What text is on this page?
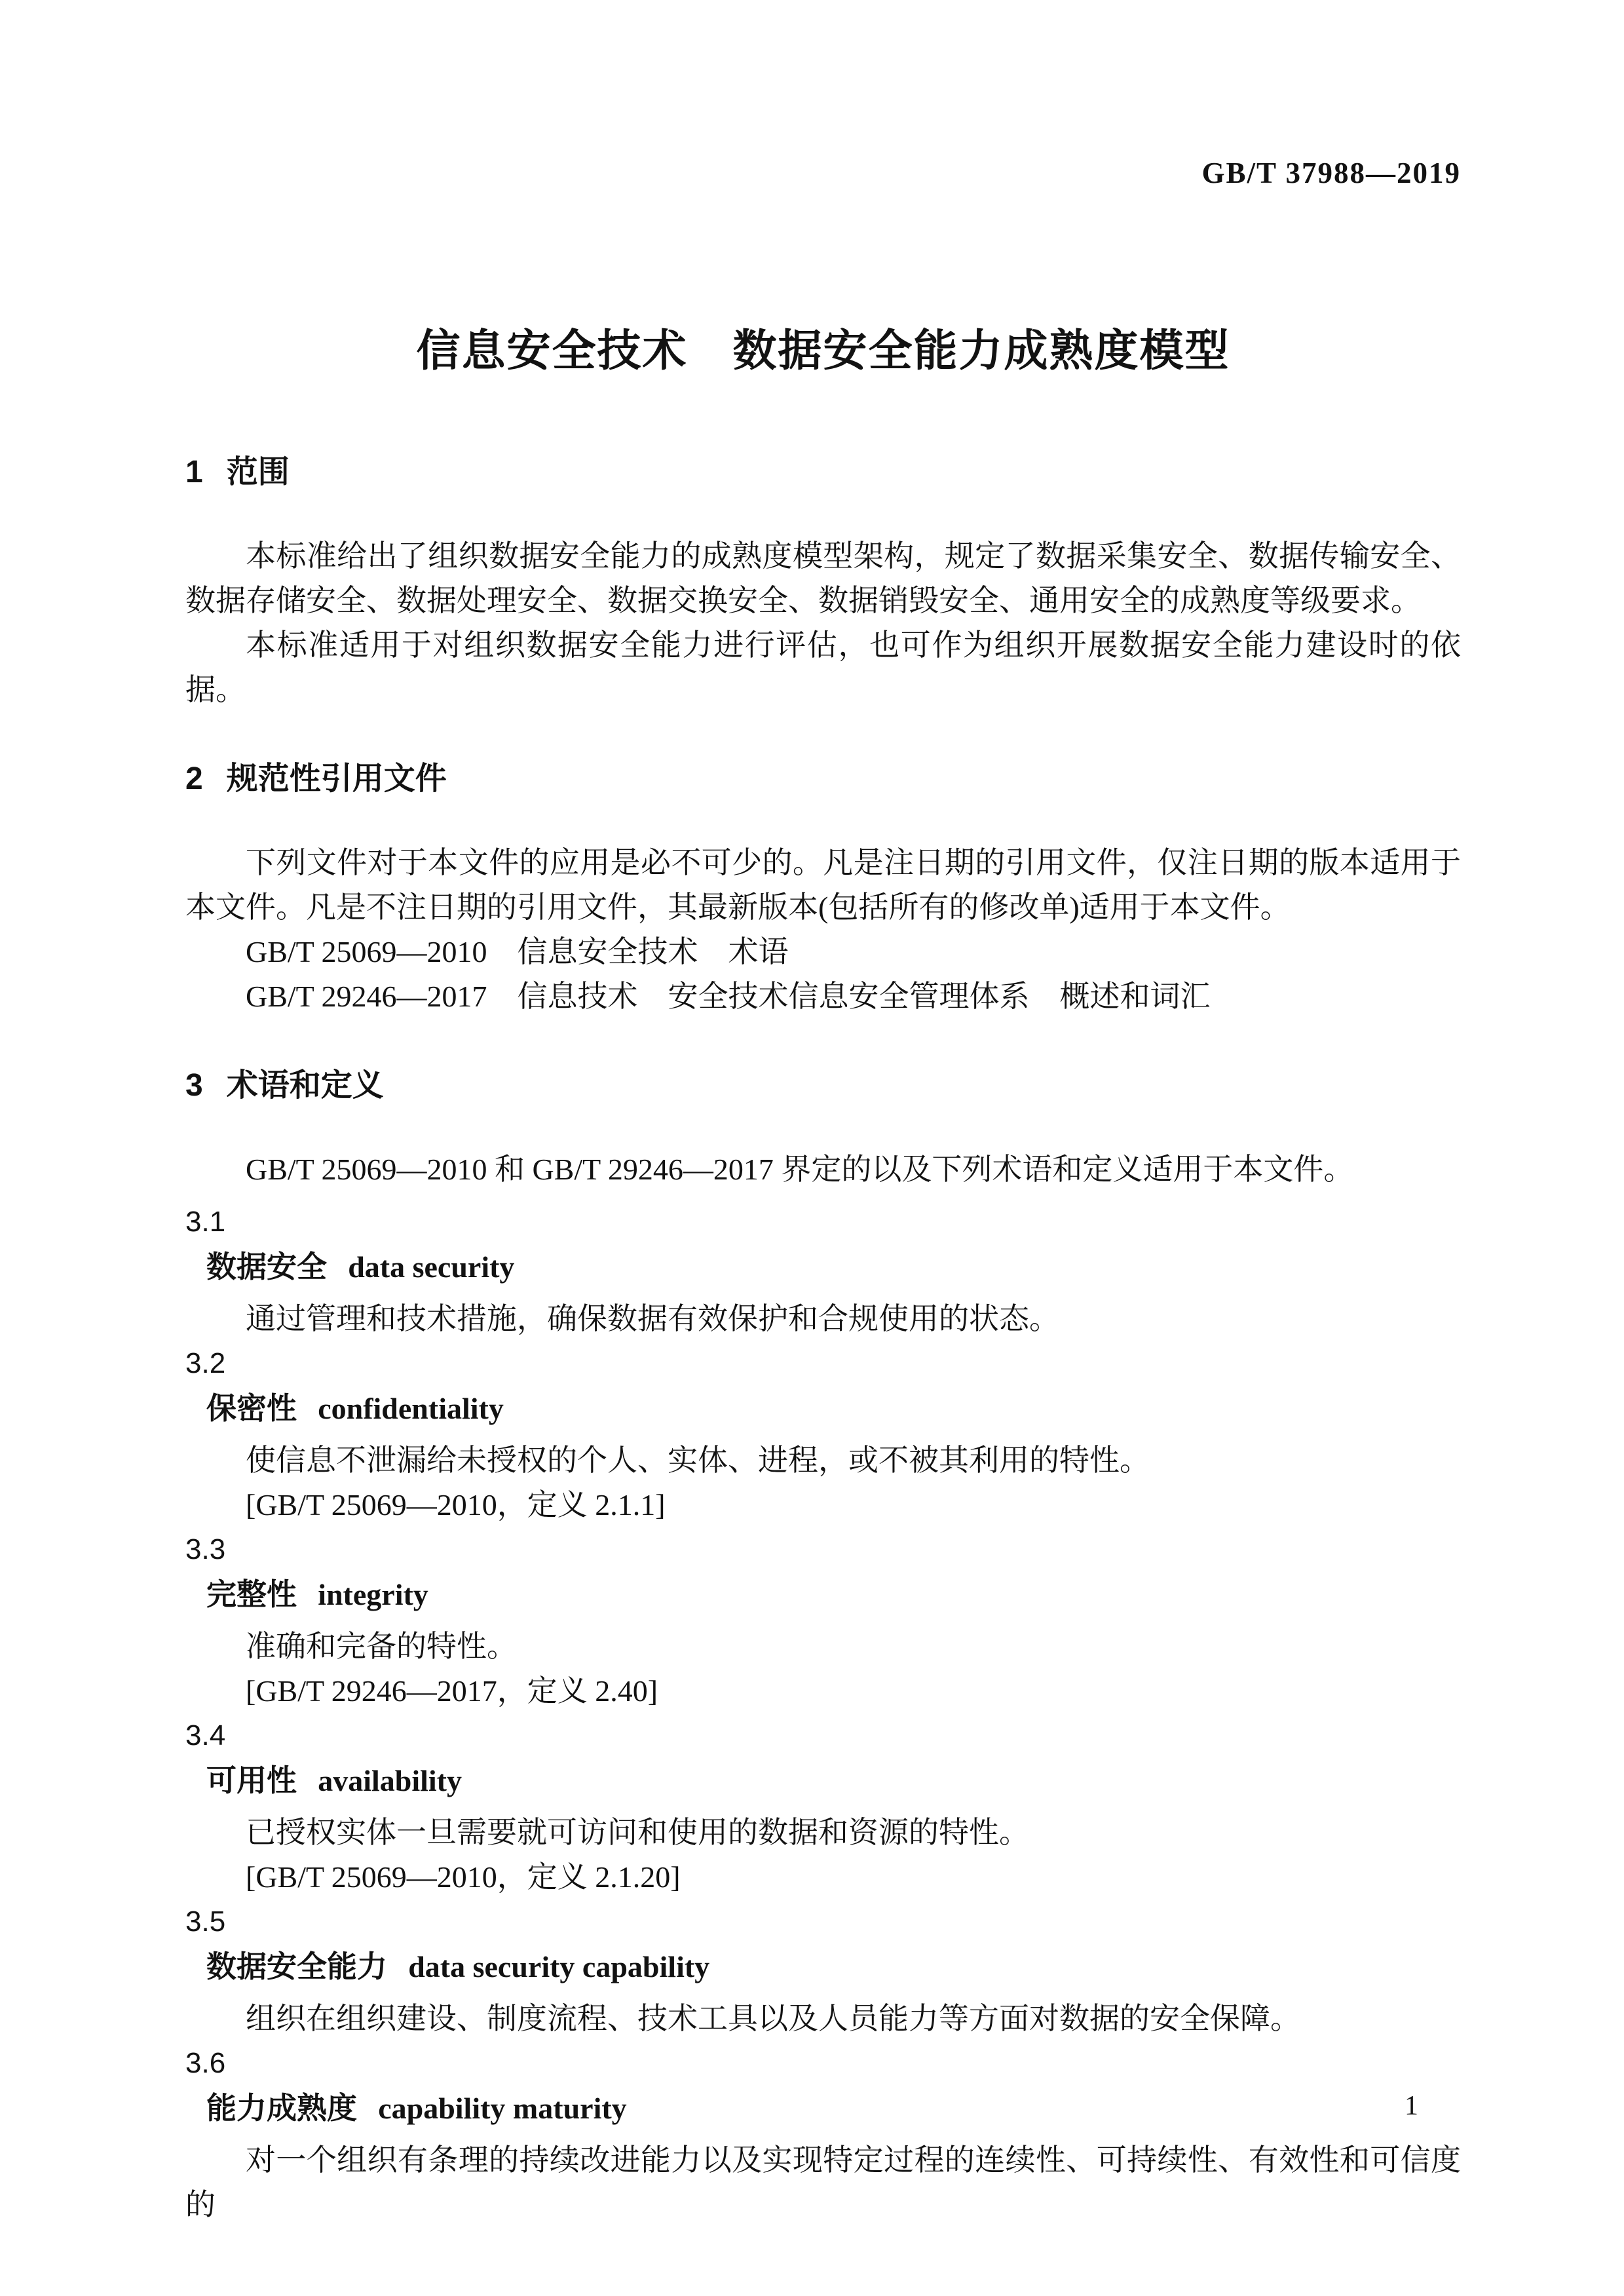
GB/T 37988—2019
信息安全技术　数据安全能力成熟度模型
1 范围

本标准给出了组织数据安全能力的成熟度模型架构，规定了数据采集安全、数据传输安全、数据存储安全、数据处理安全、数据交换安全、数据销毁安全、通用安全的成熟度等级要求。

本标准适用于对组织数据安全能力进行评估，也可作为组织开展数据安全能力建设时的依据。

2 规范性引用文件

下列文件对于本文件的应用是必不可少的。凡是注日期的引用文件，仅注日期的版本适用于本文件。凡是不注日期的引用文件，其最新版本(包括所有的修改单)适用于本文件。

GB/T 25069—2010　信息安全技术　术语

GB/T 29246—2017　信息技术　安全技术信息安全管理体系　概述和词汇

3 术语和定义

GB/T 25069—2010 和 GB/T 29246—2017 界定的以及下列术语和定义适用于本文件。

3.1

数据安全 data security

通过管理和技术措施，确保数据有效保护和合规使用的状态。

3.2

保密性 confidentiality

使信息不泄漏给未授权的个人、实体、进程，或不被其利用的特性。

[GB/T 25069—2010，定义 2.1.1]

3.3

完整性 integrity

准确和完备的特性。

[GB/T 29246—2017，定义 2.40]

3.4

可用性 availability

已授权实体一旦需要就可访问和使用的数据和资源的特性。

[GB/T 25069—2010，定义 2.1.20]

3.5

数据安全能力 data security capability

组织在组织建设、制度流程、技术工具以及人员能力等方面对数据的安全保障。

3.6

能力成熟度 capability maturity

对一个组织有条理的持续改进能力以及实现特定过程的连续性、可持续性、有效性和可信度的

1
